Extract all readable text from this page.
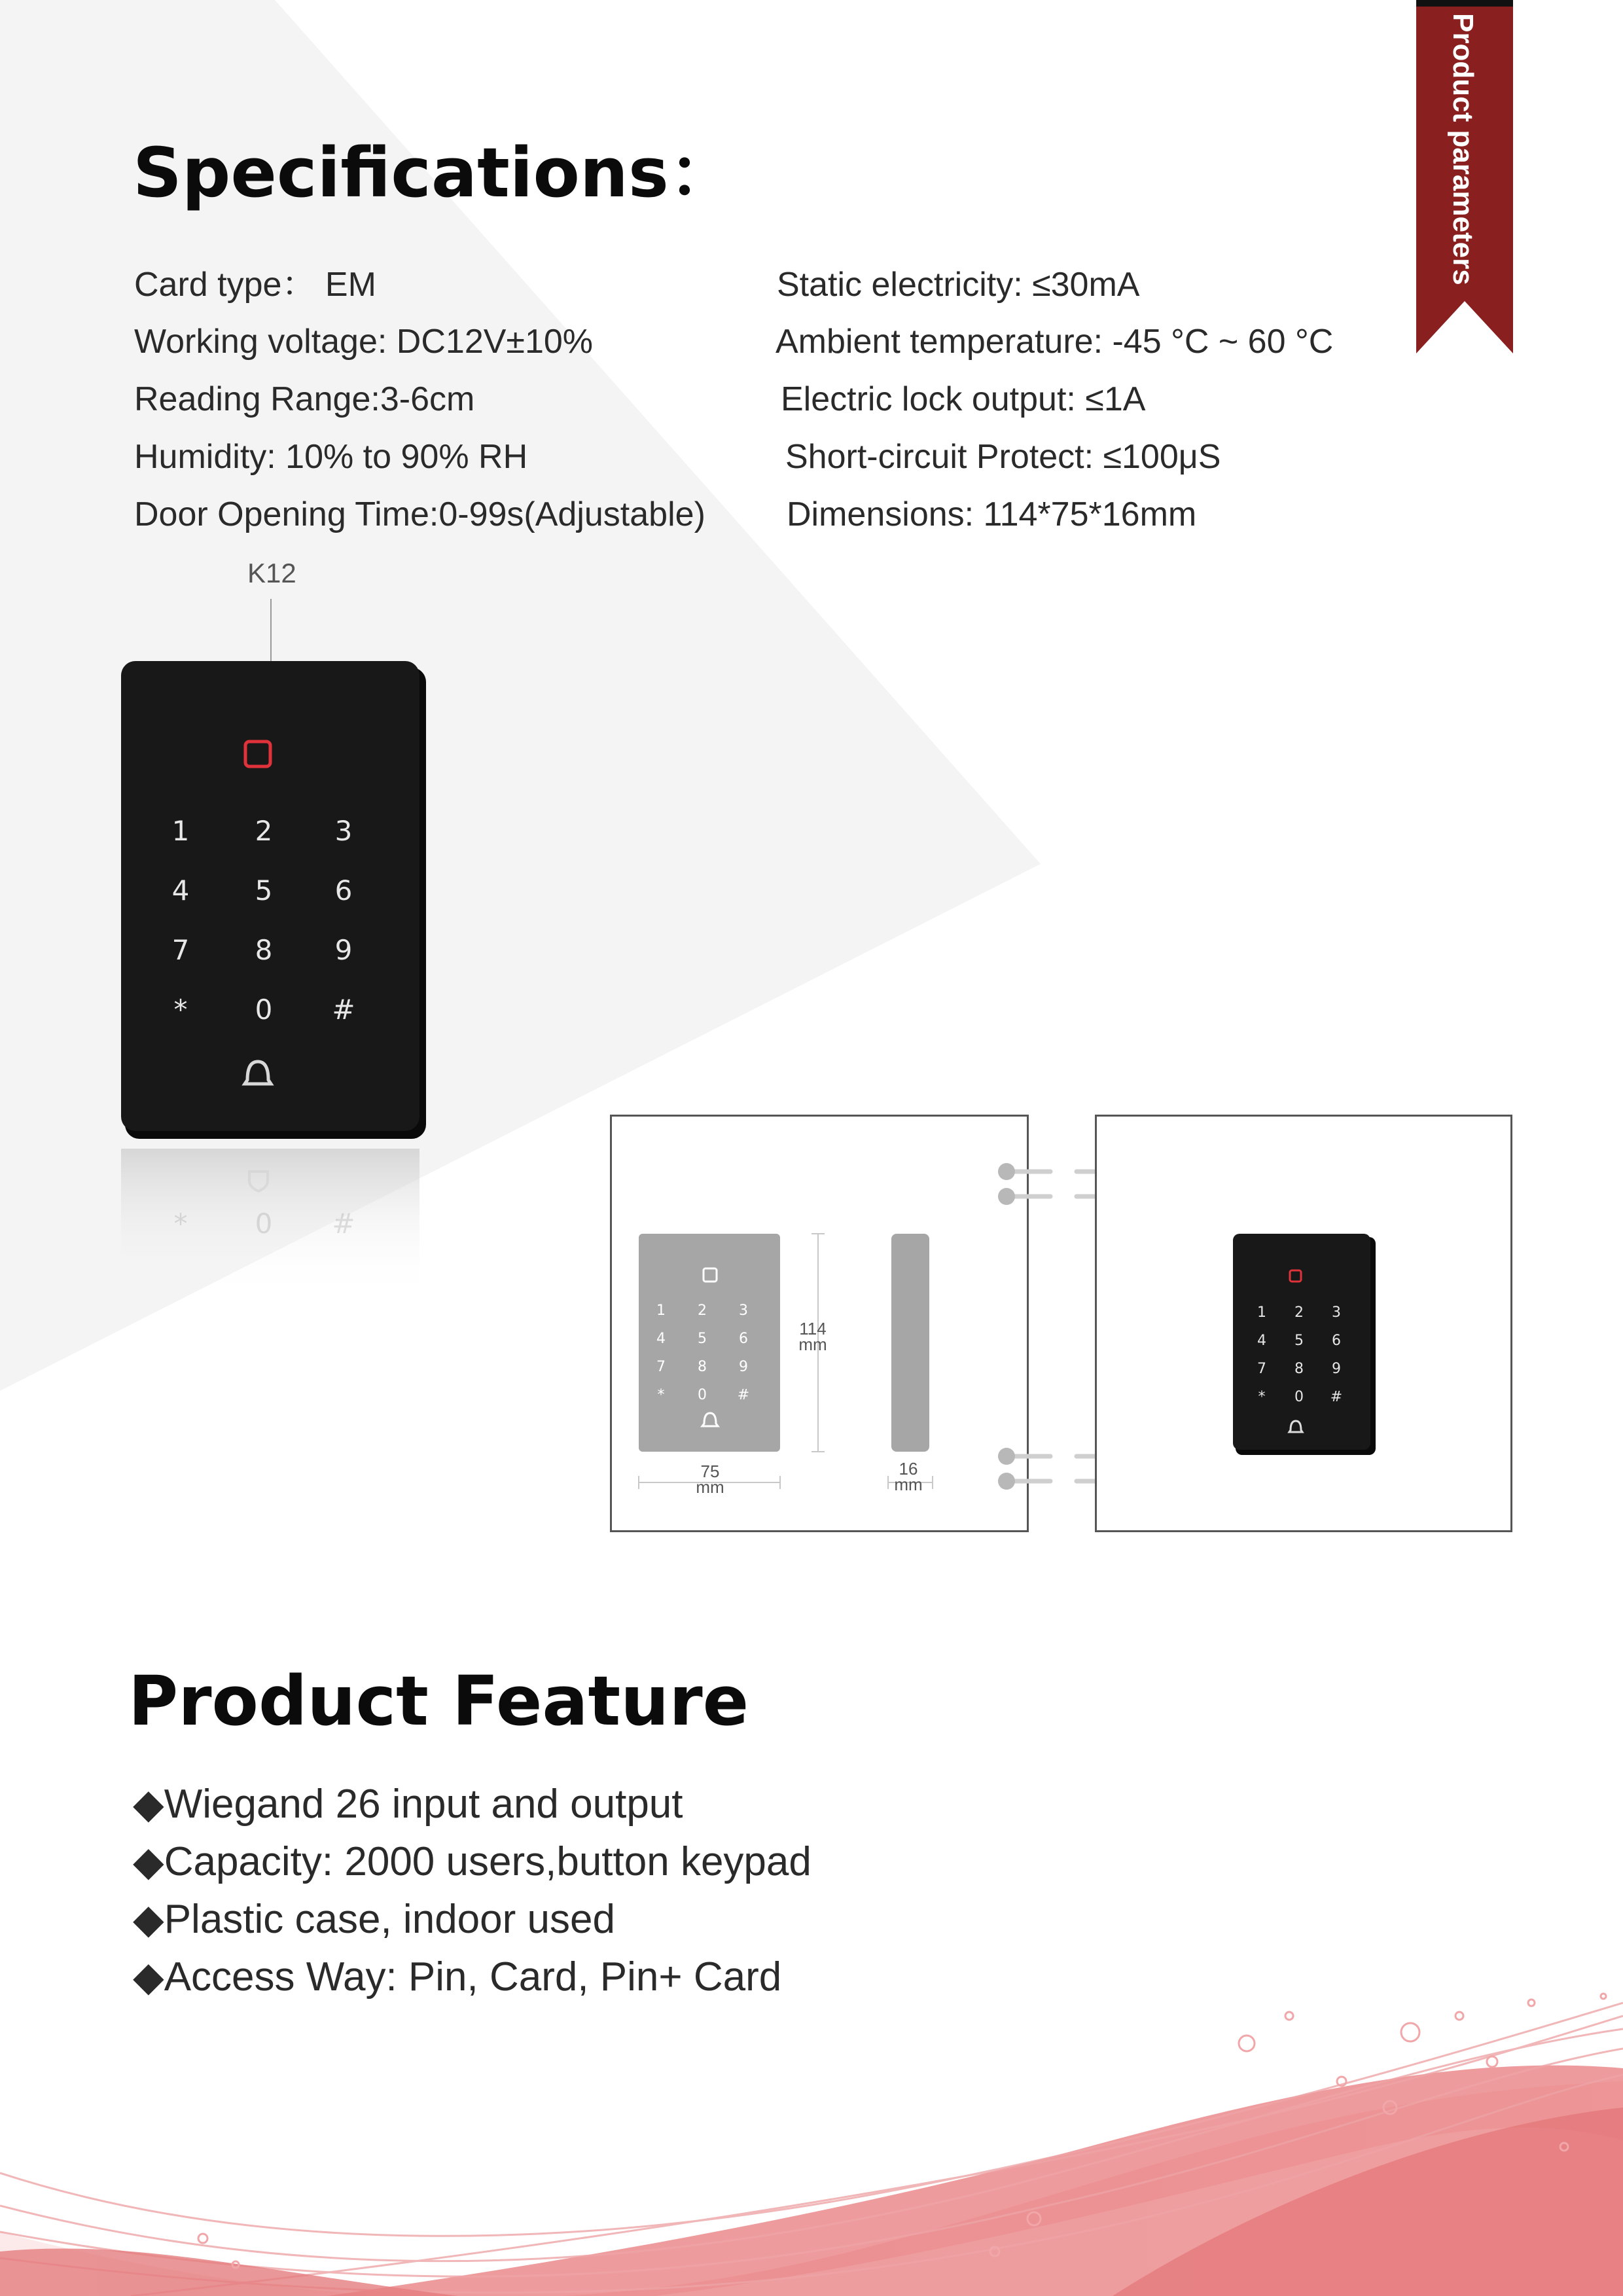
Product parameters
Specifications：
Card type： EM
Working voltage: DC12V±10%
Reading Range:3-6cm
Humidity: 10% to 90% RH
Door Opening Time:0-99s(Adjustable)
Static electricity: ≤30mA
Ambient temperature: -45 °C ~ 60 °C
Electric lock output: ≤1A
Short-circuit Protect: ≤100μS
Dimensions: 114*75*16mm
K12
1	2	3
4	5	6
7	8	9
*	0	#
*	0	#
1	2	3
4	5	6
7	8	9
*	0	#
114
mm
75
mm
16
mm
1	2	3
4	5	6
7	8	9
*	0	#
Product Feature
◆Wiegand 26 input and output
◆Capacity: 2000 users,button keypad
◆Plastic case, indoor used
◆Access Way: Pin, Card, Pin+ Card
